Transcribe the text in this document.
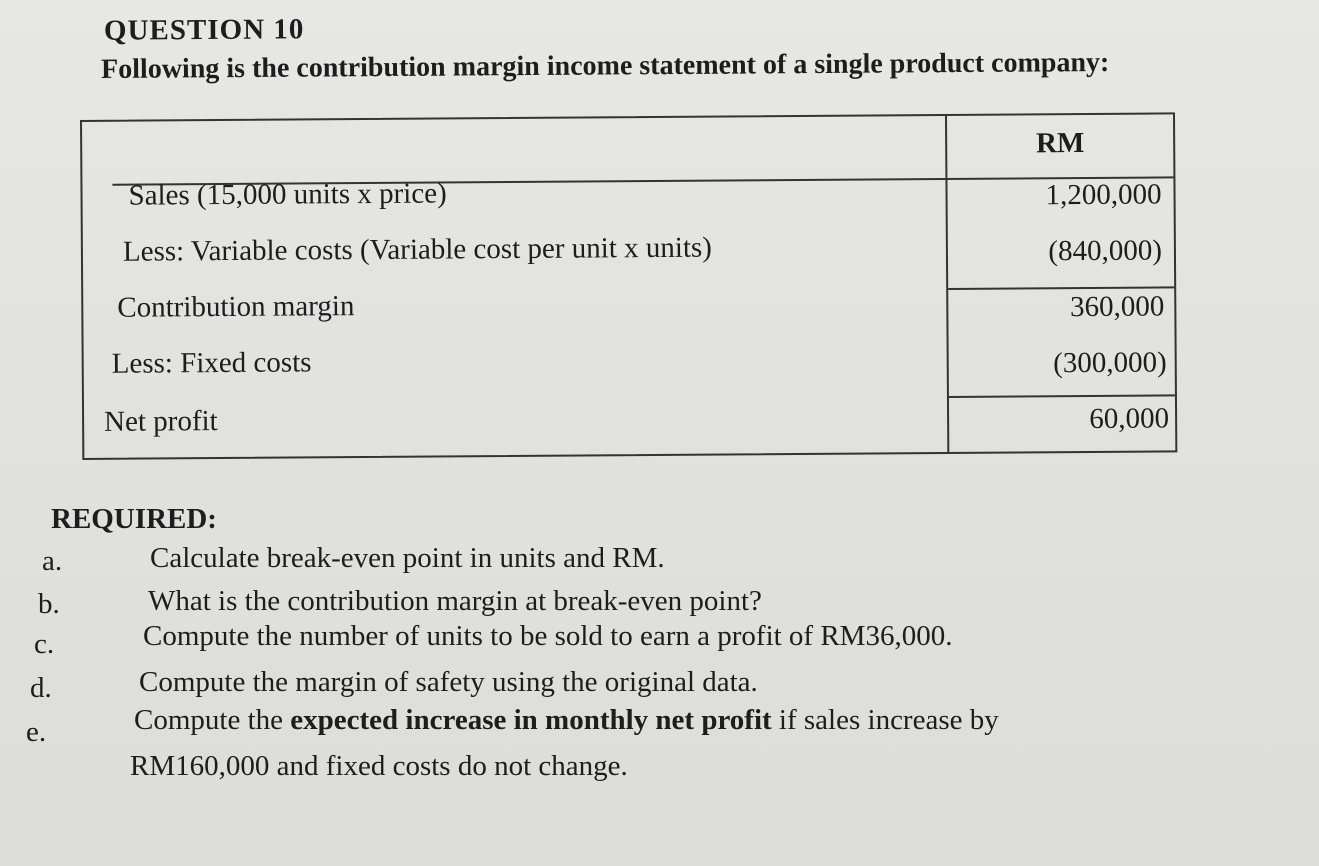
QUESTION 10
Following is the contribution margin income statement of a single product company:
RM
Sales (15,000 units x price)	1,200,000
Less: Variable costs (Variable cost per unit x units)	(840,000)
Contribution margin	360,000
Less: Fixed costs	(300,000)
Net profit	60,000
REQUIRED:
a.	Calculate break-even point in units and RM.
b.	What is the contribution margin at break-even point?
c.	Compute the number of units to be sold to earn a profit of RM36,000.
d.	Compute the margin of safety using the original data.
e.	Compute the expected increase in monthly net profit if sales increase by
RM160,000 and fixed costs do not change.
